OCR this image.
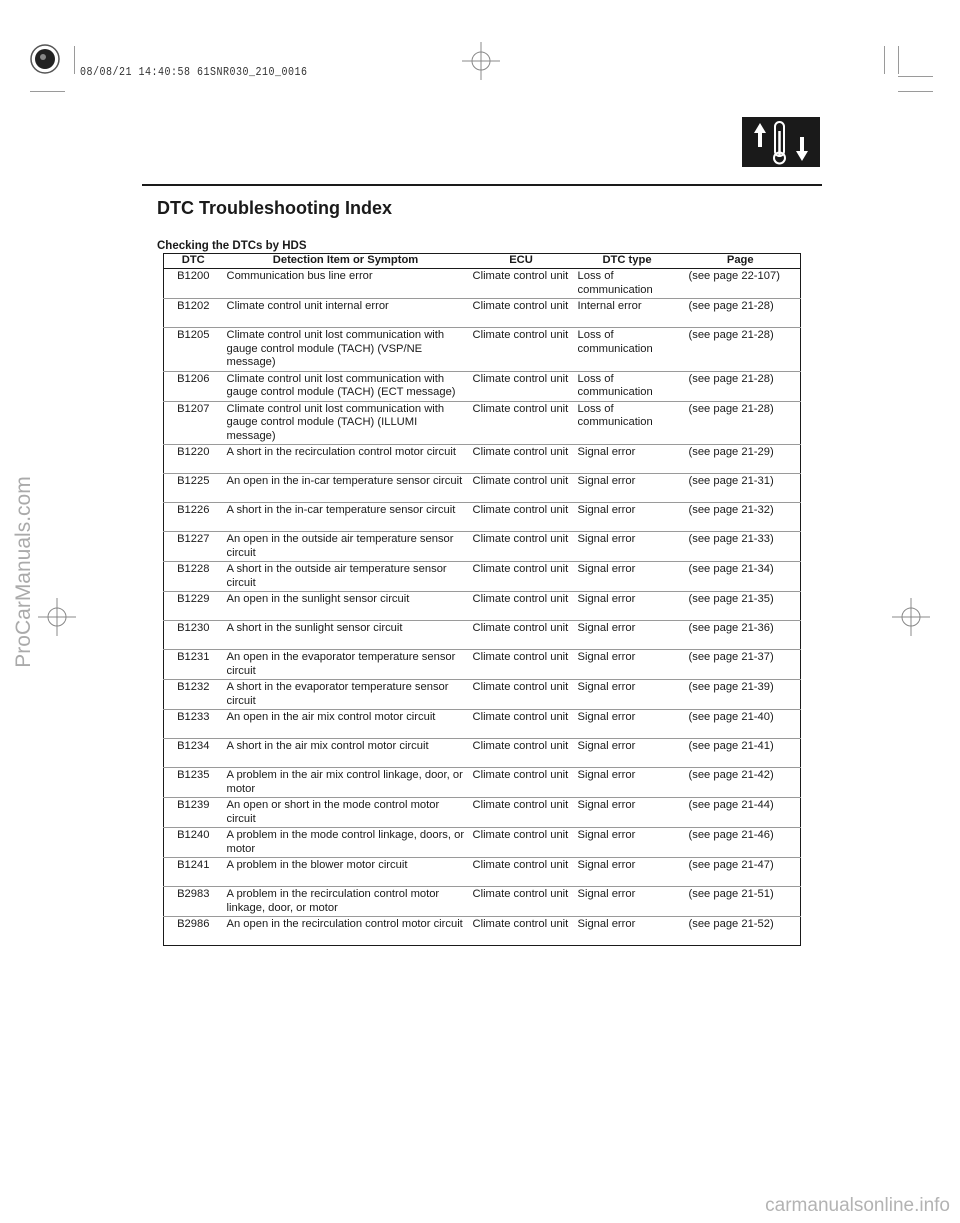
08/08/21 14:40:58 61SNR030_210_0016
ProCarManuals.com
carmanualsonline.info
DTC Troubleshooting Index
Checking the DTCs by HDS
DTC	Detection Item or Symptom	ECU	DTC type	Page
B1200	Communication bus line error	Climate control unit	Loss of communication	(see page 22-107)
B1202	Climate control unit internal error	Climate control unit	Internal error	(see page 21-28)
B1205	Climate control unit lost communication with gauge control module (TACH) (VSP/NE message)	Climate control unit	Loss of communication	(see page 21-28)
B1206	Climate control unit lost communication with gauge control module (TACH) (ECT message)	Climate control unit	Loss of communication	(see page 21-28)
B1207	Climate control unit lost communication with gauge control module (TACH) (ILLUMI message)	Climate control unit	Loss of communication	(see page 21-28)
B1220	A short in the recirculation control motor circuit	Climate control unit	Signal error	(see page 21-29)
B1225	An open in the in-car temperature sensor circuit	Climate control unit	Signal error	(see page 21-31)
B1226	A short in the in-car temperature sensor circuit	Climate control unit	Signal error	(see page 21-32)
B1227	An open in the outside air temperature sensor circuit	Climate control unit	Signal error	(see page 21-33)
B1228	A short in the outside air temperature sensor circuit	Climate control unit	Signal error	(see page 21-34)
B1229	An open in the sunlight sensor circuit	Climate control unit	Signal error	(see page 21-35)
B1230	A short in the sunlight sensor circuit	Climate control unit	Signal error	(see page 21-36)
B1231	An open in the evaporator temperature sensor circuit	Climate control unit	Signal error	(see page 21-37)
B1232	A short in the evaporator temperature sensor circuit	Climate control unit	Signal error	(see page 21-39)
B1233	An open in the air mix control motor circuit	Climate control unit	Signal error	(see page 21-40)
B1234	A short in the air mix control motor circuit	Climate control unit	Signal error	(see page 21-41)
B1235	A problem in the air mix control linkage, door, or motor	Climate control unit	Signal error	(see page 21-42)
B1239	An open or short in the mode control motor circuit	Climate control unit	Signal error	(see page 21-44)
B1240	A problem in the mode control linkage, doors, or motor	Climate control unit	Signal error	(see page 21-46)
B1241	A problem in the blower motor circuit	Climate control unit	Signal error	(see page 21-47)
B2983	A problem in the recirculation control motor linkage, door, or motor	Climate control unit	Signal error	(see page 21-51)
B2986	An open in the recirculation control motor circuit	Climate control unit	Signal error	(see page 21-52)
